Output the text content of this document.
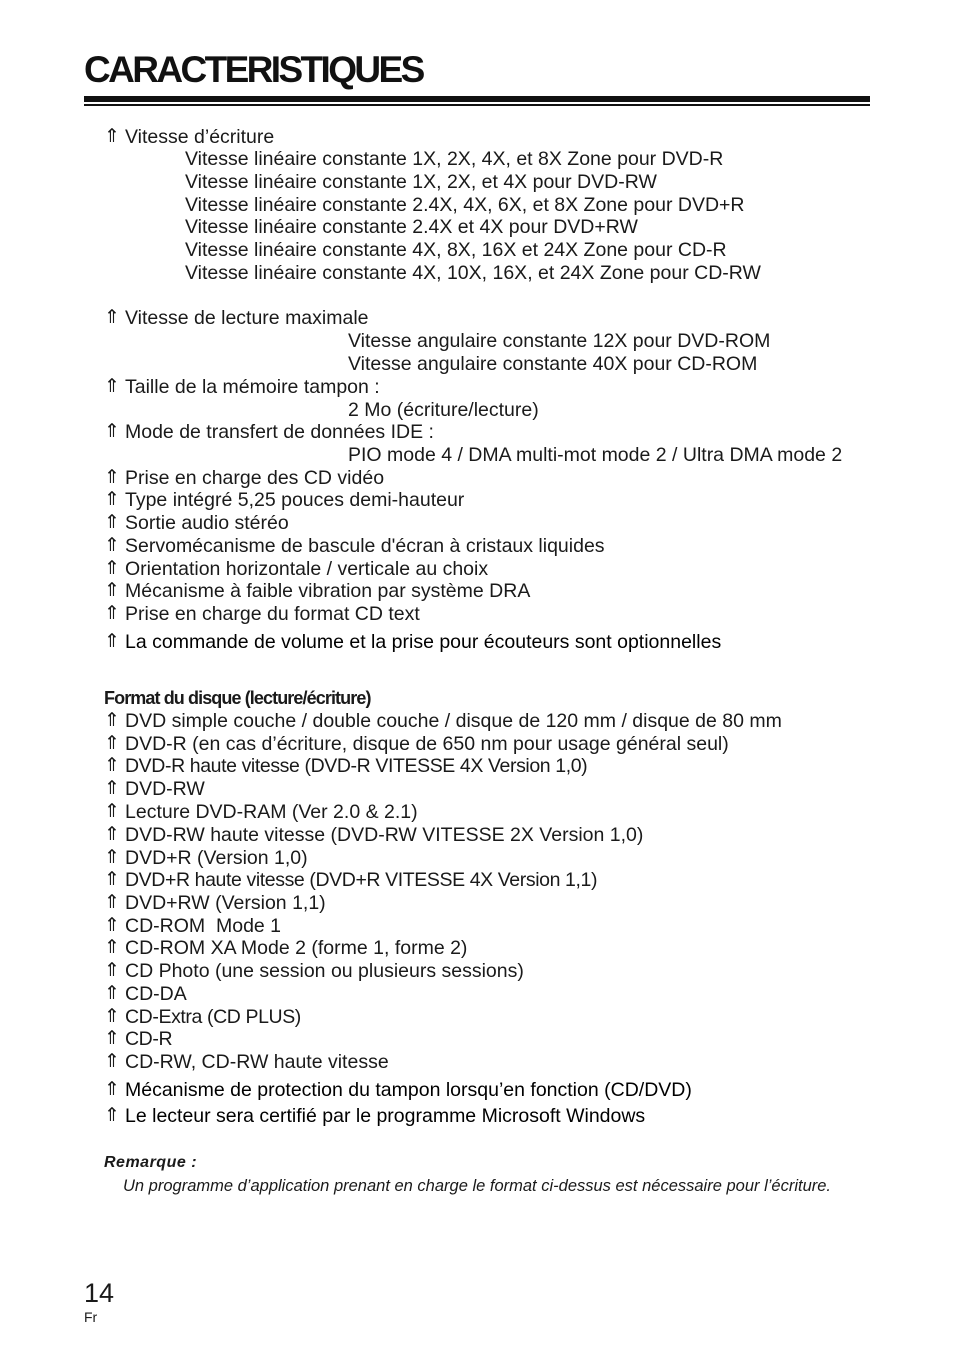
CARACTERISTIQUES
⇑ Vitesse d’écriture
Vitesse linéaire constante 1X, 2X, 4X, et 8X Zone pour DVD-R
Vitesse linéaire constante 1X, 2X, et 4X pour DVD-RW
Vitesse linéaire constante 2.4X, 4X, 6X, et 8X Zone pour DVD+R
Vitesse linéaire constante 2.4X et 4X pour DVD+RW
Vitesse linéaire constante 4X, 8X, 16X et 24X Zone pour CD-R
Vitesse linéaire constante 4X, 10X, 16X, et 24X Zone pour CD-RW
⇑ Vitesse de lecture maximale
Vitesse angulaire constante 12X pour DVD-ROM
Vitesse angulaire constante 40X pour CD-ROM
⇑ Taille de la mémoire tampon :
2 Mo (écriture/lecture)
⇑ Mode de transfert de données IDE :
PIO mode 4 / DMA multi-mot mode 2 / Ultra DMA mode 2
⇑ Prise en charge des CD vidéo
⇑ Type intégré 5,25 pouces demi-hauteur
⇑ Sortie audio stéréo
⇑ Servomécanisme de bascule d'écran à cristaux liquides
⇑ Orientation horizontale / verticale au choix
⇑ Mécanisme à faible vibration par système DRA
⇑ Prise en charge du format CD text
⇑ La commande de volume et la prise pour écouteurs sont optionnelles
Format du disque (lecture/écriture)
⇑ DVD simple couche / double couche / disque de 120 mm / disque de 80 mm
⇑ DVD-R (en cas d’écriture, disque de 650 nm pour usage général seul)
⇑ DVD-R haute vitesse (DVD-R VITESSE 4X Version 1,0)
⇑ DVD-RW
⇑ Lecture DVD-RAM (Ver 2.0 & 2.1)
⇑ DVD-RW haute vitesse (DVD-RW VITESSE 2X Version 1,0)
⇑ DVD+R (Version 1,0)
⇑ DVD+R haute vitesse (DVD+R VITESSE 4X Version 1,1)
⇑ DVD+RW (Version 1,1)
⇑ CD-ROM  Mode 1
⇑ CD-ROM XA Mode 2 (forme 1, forme 2)
⇑ CD Photo (une session ou plusieurs sessions)
⇑ CD-DA
⇑ CD-Extra (CD PLUS)
⇑ CD-R
⇑ CD-RW, CD-RW haute vitesse
⇑ Mécanisme de protection du tampon lorsqu’en fonction (CD/DVD)
⇑ Le lecteur sera certifié par le programme Microsoft Windows
Remarque :
Un programme d’application prenant en charge le format ci-dessus est nécessaire pour l’écriture.
14
Fr
